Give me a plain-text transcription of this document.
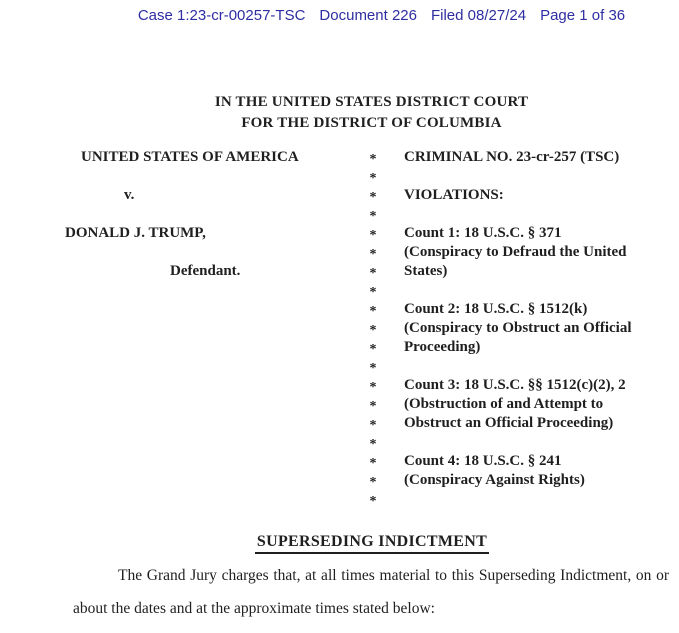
Case 1:23-cr-00257-TSC Document 226 Filed 08/27/24 Page 1 of 36
IN THE UNITED STATES DISTRICT COURT
FOR THE DISTRICT OF COLUMBIA
UNITED STATES OF AMERICA
v.
DONALD J. TRUMP,
Defendant.
*
*
*
*
*
*
*
*
*
*
*
*
*
*
*
*
*
*
*
CRIMINAL NO. 23-cr-257 (TSC)
VIOLATIONS:
Count 1: 18 U.S.C. § 371
(Conspiracy to Defraud the United
States)
Count 2: 18 U.S.C. § 1512(k)
(Conspiracy to Obstruct an Official
Proceeding)
Count 3: 18 U.S.C. §§ 1512(c)(2), 2
(Obstruction of and Attempt to
Obstruct an Official Proceeding)
Count 4: 18 U.S.C. § 241
(Conspiracy Against Rights)
SUPERSEDING INDICTMENT
The Grand Jury charges that, at all times material to this Superseding Indictment, on or
about the dates and at the approximate times stated below:
